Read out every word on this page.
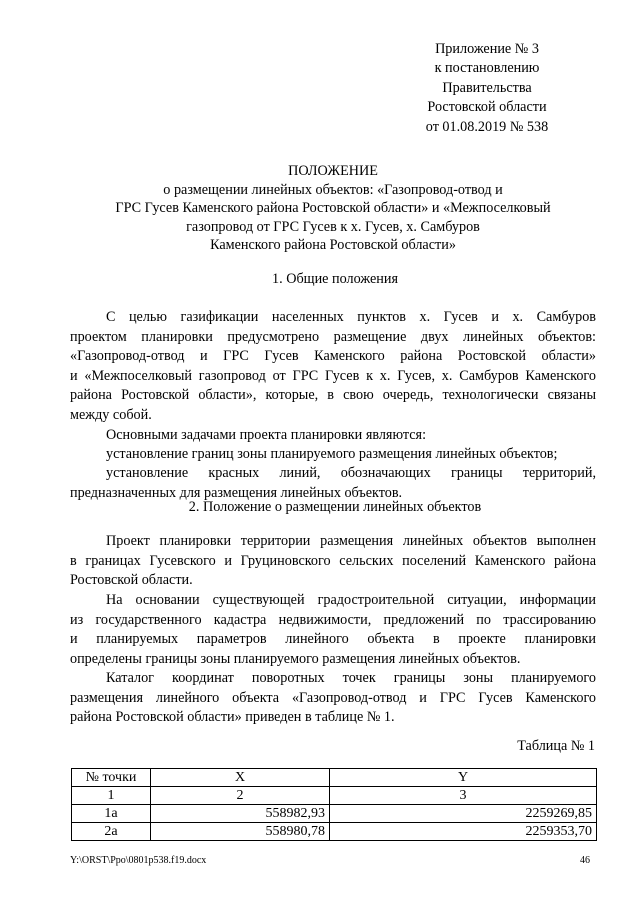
Приложение № 3
к постановлению
Правительства
Ростовской области
от 01.08.2019 № 538
ПОЛОЖЕНИЕ
о размещении линейных объектов: «Газопровод-отвод и
ГРС Гусев Каменского района Ростовской области» и «Межпоселковый
газопровод от ГРС Гусев к х. Гусев, х. Самбуров
Каменского района Ростовской области»
1. Общие положения
С целью газификации населенных пунктов х. Гусев и х. Самбуров
проектом планировки предусмотрено размещение двух линейных объектов:
«Газопровод-отвод и ГРС Гусев Каменского района Ростовской области»
и «Межпоселковый газопровод от ГРС Гусев к х. Гусев, х. Самбуров Каменского
района Ростовской области», которые, в свою очередь, технологически связаны
между собой.
Основными задачами проекта планировки являются:
установление границ зоны планируемого размещения линейных объектов;
установление красных линий, обозначающих границы территорий,
предназначенных для размещения линейных объектов.
2. Положение о размещении линейных объектов
Проект планировки территории размещения линейных объектов выполнен
в границах Гусевского и Груциновского сельских поселений Каменского района
Ростовской области.
На основании существующей градостроительной ситуации, информации
из государственного кадастра недвижимости, предложений по трассированию
и планируемых параметров линейного объекта в проекте планировки
определены границы зоны планируемого размещения линейных объектов.
Каталог координат поворотных точек границы зоны планируемого
размещения линейного объекта «Газопровод-отвод и ГРС Гусев Каменского
района Ростовской области» приведен в таблице № 1.
Таблица № 1
№ точки	X	Y
1	2	3
1а	558982,93	2259269,85
2а	558980,78	2259353,70
Y:\ORST\Ppo\0801p538.f19.docx	46
